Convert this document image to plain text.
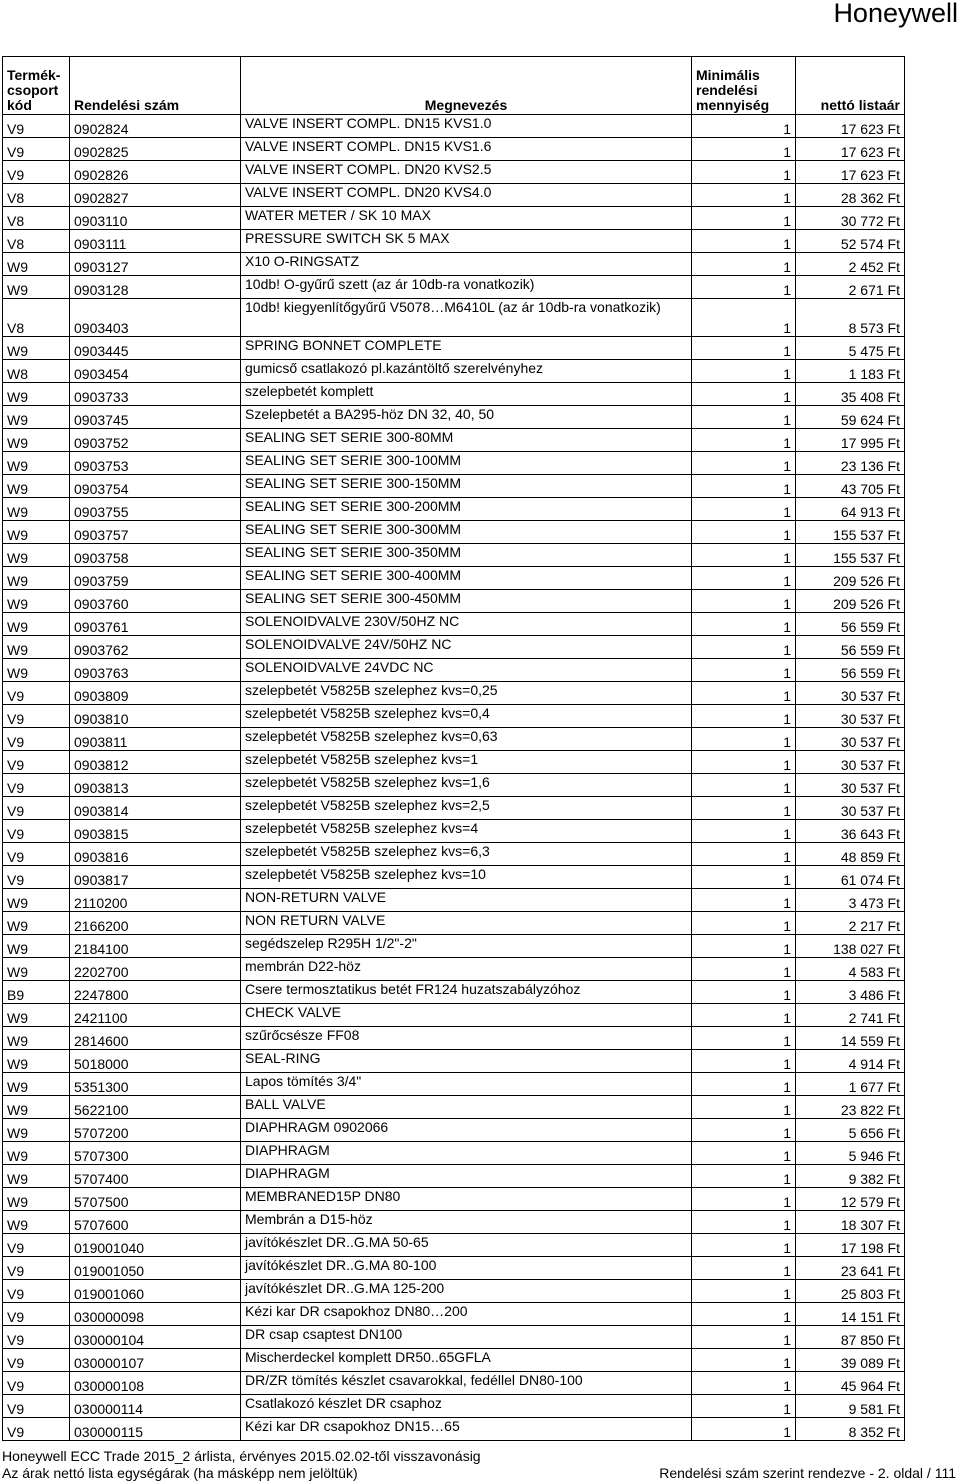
Honeywell
Termék-
csoport
kód	Rendelési szám	Megnevezés	Minimális
rendelési
mennyiség	nettó listaár
V9	0902824	VALVE INSERT COMPL. DN15 KVS1.0	1	17 623 Ft
V9	0902825	VALVE INSERT COMPL. DN15 KVS1.6	1	17 623 Ft
V9	0902826	VALVE INSERT COMPL. DN20 KVS2.5	1	17 623 Ft
V8	0902827	VALVE INSERT COMPL. DN20 KVS4.0	1	28 362 Ft
V8	0903110	WATER METER / SK 10 MAX	1	30 772 Ft
V8	0903111	PRESSURE SWITCH SK 5 MAX	1	52 574 Ft
W9	0903127	X10 O-RINGSATZ	1	2 452 Ft
W9	0903128	10db! O-gyűrű szett (az ár 10db-ra vonatkozik)	1	2 671 Ft
V8	0903403	10db! kiegyenlítőgyűrű V5078…M6410L (az ár 10db-ra vonatkozik)	1	8 573 Ft
W9	0903445	SPRING BONNET COMPLETE	1	5 475 Ft
W8	0903454	gumicső csatlakozó pl.kazántöltő szerelvényhez	1	1 183 Ft
W9	0903733	szelepbetét komplett	1	35 408 Ft
W9	0903745	Szelepbetét a BA295-höz DN 32, 40, 50	1	59 624 Ft
W9	0903752	SEALING SET SERIE 300-80MM	1	17 995 Ft
W9	0903753	SEALING SET SERIE 300-100MM	1	23 136 Ft
W9	0903754	SEALING SET SERIE 300-150MM	1	43 705 Ft
W9	0903755	SEALING SET SERIE 300-200MM	1	64 913 Ft
W9	0903757	SEALING SET SERIE 300-300MM	1	155 537 Ft
W9	0903758	SEALING SET SERIE 300-350MM	1	155 537 Ft
W9	0903759	SEALING SET SERIE 300-400MM	1	209 526 Ft
W9	0903760	SEALING SET SERIE 300-450MM	1	209 526 Ft
W9	0903761	SOLENOIDVALVE 230V/50HZ NC	1	56 559 Ft
W9	0903762	SOLENOIDVALVE 24V/50HZ NC	1	56 559 Ft
W9	0903763	SOLENOIDVALVE 24VDC NC	1	56 559 Ft
V9	0903809	szelepbetét V5825B szelephez kvs=0,25	1	30 537 Ft
V9	0903810	szelepbetét V5825B szelephez kvs=0,4	1	30 537 Ft
V9	0903811	szelepbetét V5825B szelephez kvs=0,63	1	30 537 Ft
V9	0903812	szelepbetét V5825B szelephez kvs=1	1	30 537 Ft
V9	0903813	szelepbetét V5825B szelephez kvs=1,6	1	30 537 Ft
V9	0903814	szelepbetét V5825B szelephez kvs=2,5	1	30 537 Ft
V9	0903815	szelepbetét V5825B szelephez kvs=4	1	36 643 Ft
V9	0903816	szelepbetét V5825B szelephez kvs=6,3	1	48 859 Ft
V9	0903817	szelepbetét V5825B szelephez kvs=10	1	61 074 Ft
W9	2110200	NON-RETURN VALVE	1	3 473 Ft
W9	2166200	NON RETURN VALVE	1	2 217 Ft
W9	2184100	segédszelep R295H 1/2"-2"	1	138 027 Ft
W9	2202700	membrán D22-höz	1	4 583 Ft
B9	2247800	Csere termosztatikus betét FR124 huzatszabályzóhoz	1	3 486 Ft
W9	2421100	CHECK VALVE	1	2 741 Ft
W9	2814600	szűrőcsésze FF08	1	14 559 Ft
W9	5018000	SEAL-RING	1	4 914 Ft
W9	5351300	Lapos tömítés 3/4"	1	1 677 Ft
W9	5622100	BALL VALVE	1	23 822 Ft
W9	5707200	DIAPHRAGM 0902066	1	5 656 Ft
W9	5707300	DIAPHRAGM	1	5 946 Ft
W9	5707400	DIAPHRAGM	1	9 382 Ft
W9	5707500	MEMBRANED15P DN80	1	12 579 Ft
W9	5707600	Membrán a D15-höz	1	18 307 Ft
V9	019001040	javítókészlet DR..G.MA 50-65	1	17 198 Ft
V9	019001050	javítókészlet DR..G.MA 80-100	1	23 641 Ft
V9	019001060	javítókészlet DR..G.MA 125-200	1	25 803 Ft
V9	030000098	Kézi kar DR csapokhoz DN80…200	1	14 151 Ft
V9	030000104	DR csap csaptest DN100	1	87 850 Ft
V9	030000107	Mischerdeckel komplett DR50..65GFLA	1	39 089 Ft
V9	030000108	DR/ZR tömítés készlet csavarokkal, fedéllel DN80-100	1	45 964 Ft
V9	030000114	Csatlakozó készlet DR csaphoz	1	9 581 Ft
V9	030000115	Kézi kar DR csapokhoz DN15…65	1	8 352 Ft
Honeywell ECC Trade 2015_2 árlista, érvényes 2015.02.02-től visszavonásig
Az árak nettó lista egységárak (ha másképp nem jelöltük)	Rendelési szám szerint rendezve - 2. oldal / 111
